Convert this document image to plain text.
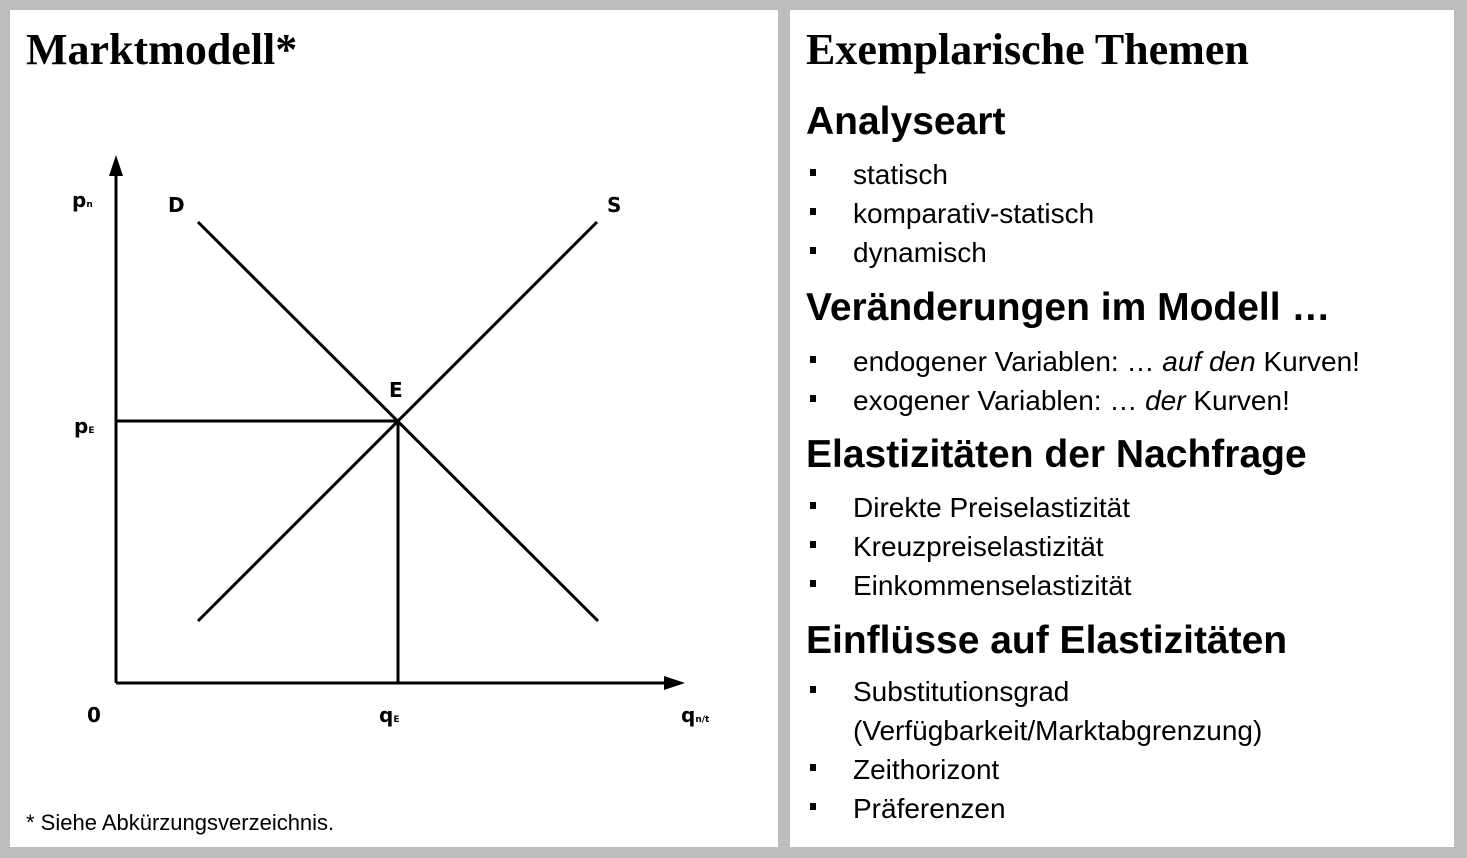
Marktmodell*
pn	D	S
E
pE
0	qE	qn/t
* Siehe Abkürzungsverzeichnis.
Exemplarische Themen
Analyseart
statisch
komparativ-statisch
dynamisch
Veränderungen im Modell …
endogener Variablen: … auf den Kurven!
exogener Variablen: … der Kurven!
Elastizitäten der Nachfrage
Direkte Preiselastizität
Kreuzpreiselastizität
Einkommenselastizität
Einflüsse auf Elastizitäten
Substitutionsgrad
(Verfügbarkeit/Marktabgrenzung)
Zeithorizont
Präferenzen
